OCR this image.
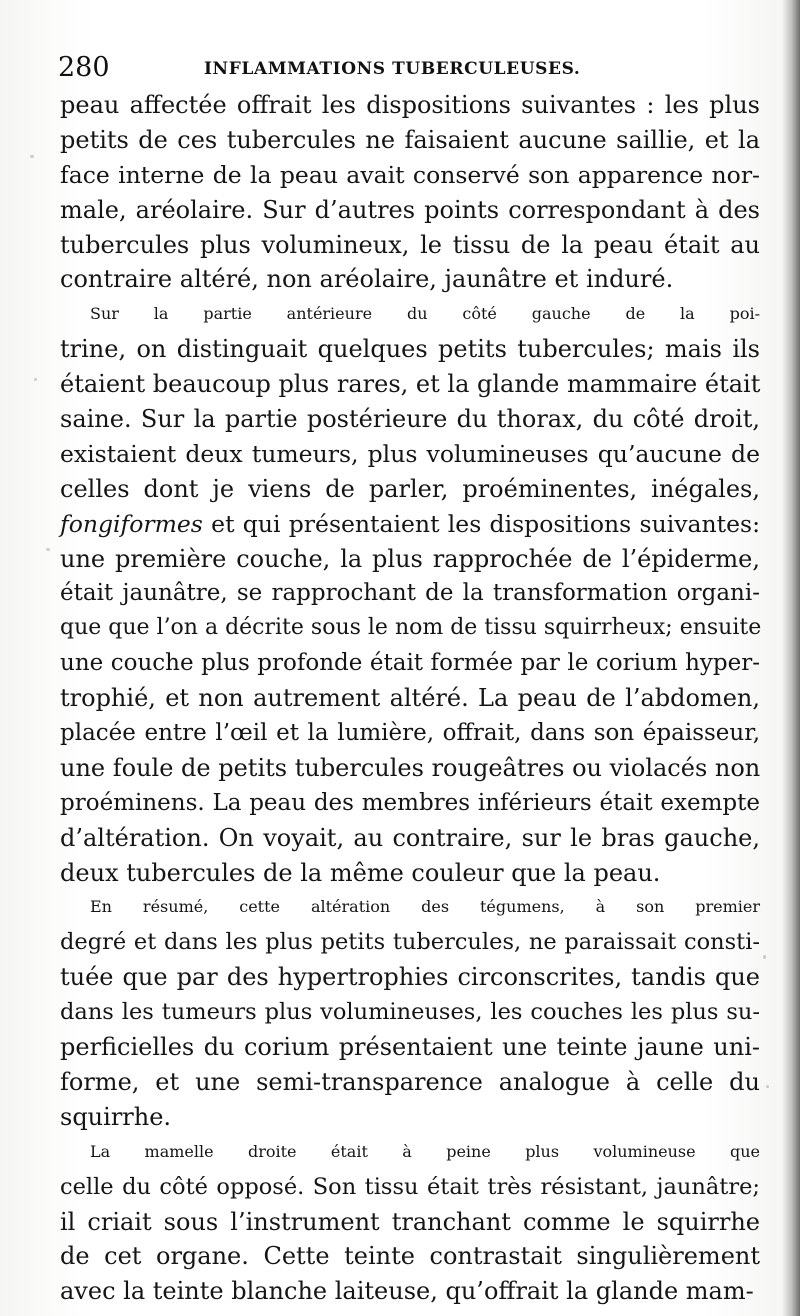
280	INFLAMMATIONS TUBERCULEUSES.
peau affectée offrait les dispositions suivantes : les plus
petits de ces tubercules ne faisaient aucune saillie, et la
face interne de la peau avait conservé son apparence nor-
male, aréolaire. Sur d’autres points correspondant à des
tubercules plus volumineux, le tissu de la peau était au
contraire altéré, non aréolaire, jaunâtre et induré.
Sur la partie antérieure du côté gauche de la poi-
trine, on distinguait quelques petits tubercules; mais ils
étaient beaucoup plus rares, et la glande mammaire était
saine. Sur la partie postérieure du thorax, du côté droit,
existaient deux tumeurs, plus volumineuses qu’aucune de
celles dont je viens de parler, proéminentes, inégales,
fongiformes et qui présentaient les dispositions suivantes:
une première couche, la plus rapprochée de l’épiderme,
était jaunâtre, se rapprochant de la transformation organi-
que que l’on a décrite sous le nom de tissu squirrheux; ensuite
une couche plus profonde était formée par le corium hyper-
trophié, et non autrement altéré. La peau de l’abdomen,
placée entre l’œil et la lumière, offrait, dans son épaisseur,
une foule de petits tubercules rougeâtres ou violacés non
proéminens. La peau des membres inférieurs était exempte
d’altération. On voyait, au contraire, sur le bras gauche,
deux tubercules de la même couleur que la peau.
En résumé, cette altération des tégumens, à son premier
degré et dans les plus petits tubercules, ne paraissait consti-
tuée que par des hypertrophies circonscrites, tandis que
dans les tumeurs plus volumineuses, les couches les plus su-
perficielles du corium présentaient une teinte jaune uni-
forme, et une semi-transparence analogue à celle du
squirrhe.
La mamelle droite était à peine plus volumineuse que
celle du côté opposé. Son tissu était très résistant, jaunâtre;
il criait sous l’instrument tranchant comme le squirrhe
de cet organe. Cette teinte contrastait singulièrement
avec la teinte blanche laiteuse, qu’offrait la glande mam-
